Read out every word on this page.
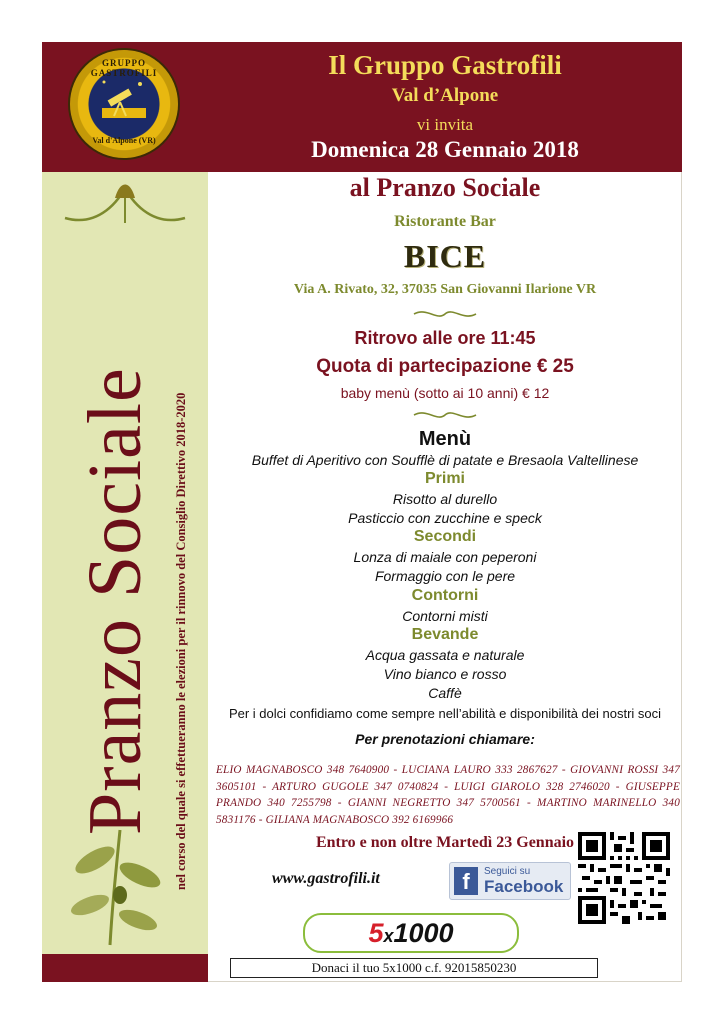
GRUPPO GASTROFILI
Val d'Alpone (VR)
Il Gruppo Gastrofili
Val d’Alpone
vi invita
Domenica 28 Gennaio 2018
Pranzo Sociale nel corso del quale si effettueranno le elezioni per il rinnovo del Consiglio Direttivo 2018-2020
al Pranzo Sociale
Ristorante Bar
BICE
Via A. Rivato, 32, 37035 San Giovanni Ilarione VR
Ritrovo alle ore 11:45
Quota di partecipazione € 25
baby menù (sotto ai 10 anni) € 12
Menù
Buffet di Aperitivo con Soufflè di patate e Bresaola Valtellinese
Primi
Risotto al durello
Pasticcio con zucchine e speck
Secondi
Lonza di maiale con peperoni
Formaggio con le pere
Contorni
Contorni misti
Bevande
Acqua gassata e naturale
Vino bianco e rosso
Caffè
Per i dolci confidiamo come sempre nell’abilità e disponibilità dei nostri soci
Per prenotazioni chiamare:
ELIO MAGNABOSCO 348 7640900 - LUCIANA LAURO 333 2867627 - GIOVANNI ROSSI 347 3605101 - ARTURO GUGOLE 347 0740824 - LUIGI GIAROLO 328 2746020 - GIUSEPPE PRANDO 340 7255798 - GIANNI NEGRETTO 347 5700561 - MARTINO MARINELLO 340 5831176 - GILIANA MAGNABOSCO 392 6169966
Entro e non oltre Martedì 23 Gennaio
www.gastrofili.it	f	Seguici su
Facebook
5x1000
Donaci il tuo 5x1000 c.f. 92015850230
